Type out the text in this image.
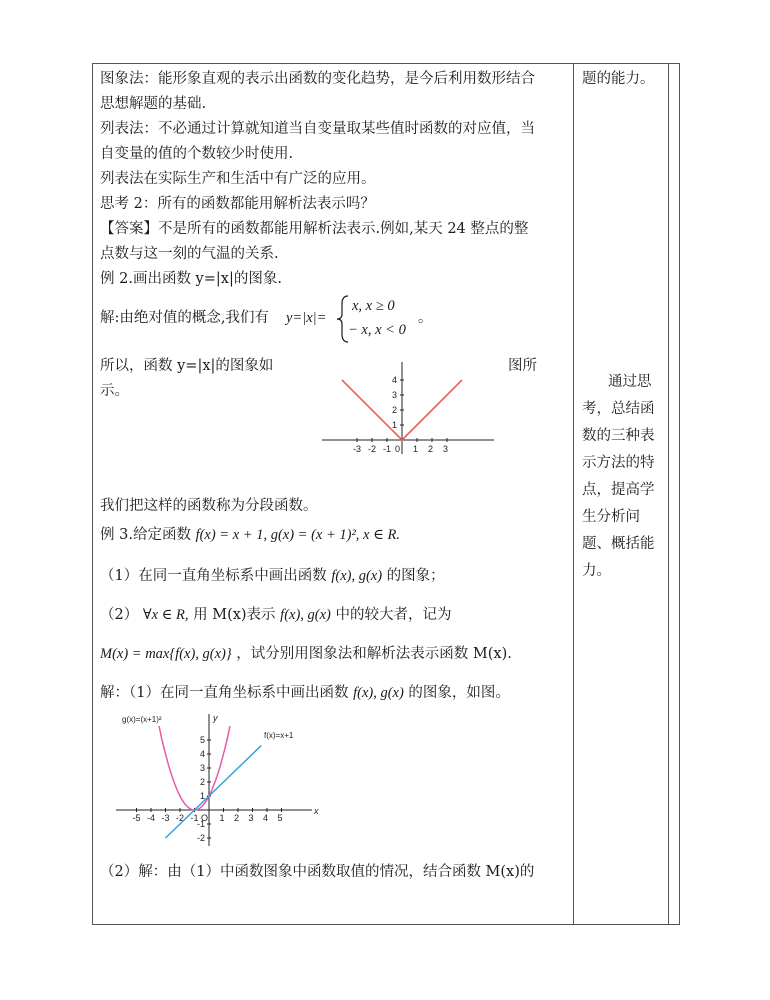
图象法：能形象直观的表示出函数的变化趋势，是今后利用数形结合
思想解题的基础.
列表法：不必通过计算就知道当自变量取某些值时函数的对应值，当
自变量的值的个数较少时使用.
列表法在实际生产和生活中有广泛的应用。
思考 2：所有的函数都能用解析法表示吗？
【答案】不是所有的函数都能用解析法表示.例如,某天 24 整点的整
点数与这一刻的气温的关系.
例 2.画出函数 y=|x|的图象.
解:由绝对值的概念,我们有 y=|x|=
x, x ≥ 0
− x, x < 0
。
所以，函数 y=|x|的图象如	图所
示。
-3 -2 -1 0 1 2 3
1
2
3
4
我们把这样的函数称为分段函数。
例 3.给定函数 f(x) = x + 1, g(x) = (x + 1)², x ∈ R.
（1）在同一直角坐标系中画出函数 f(x), g(x) 的图象；
（2） ∀x ∈ R, 用 M(x)表示 f(x), g(x) 中的较大者，记为
M(x) = max{f(x), g(x)} ，试分别用图象法和解析法表示函数 M(x).
解：（1）在同一直角坐标系中画出函数 f(x), g(x) 的图象，如图。
x
y
-5 -4 -3 -2 -1 O 1 2 3 4 5
5
4
3
2
1
-1
-2
g(x)=(x+1)²
f(x)=x+1
（2）解：由（1）中函数图象中函数取值的情况，结合函数 M(x)的
题的能力。
通过思
考，总结函
数的三种表
示方法的特
点，提高学
生分析问
题、概括能
力。
